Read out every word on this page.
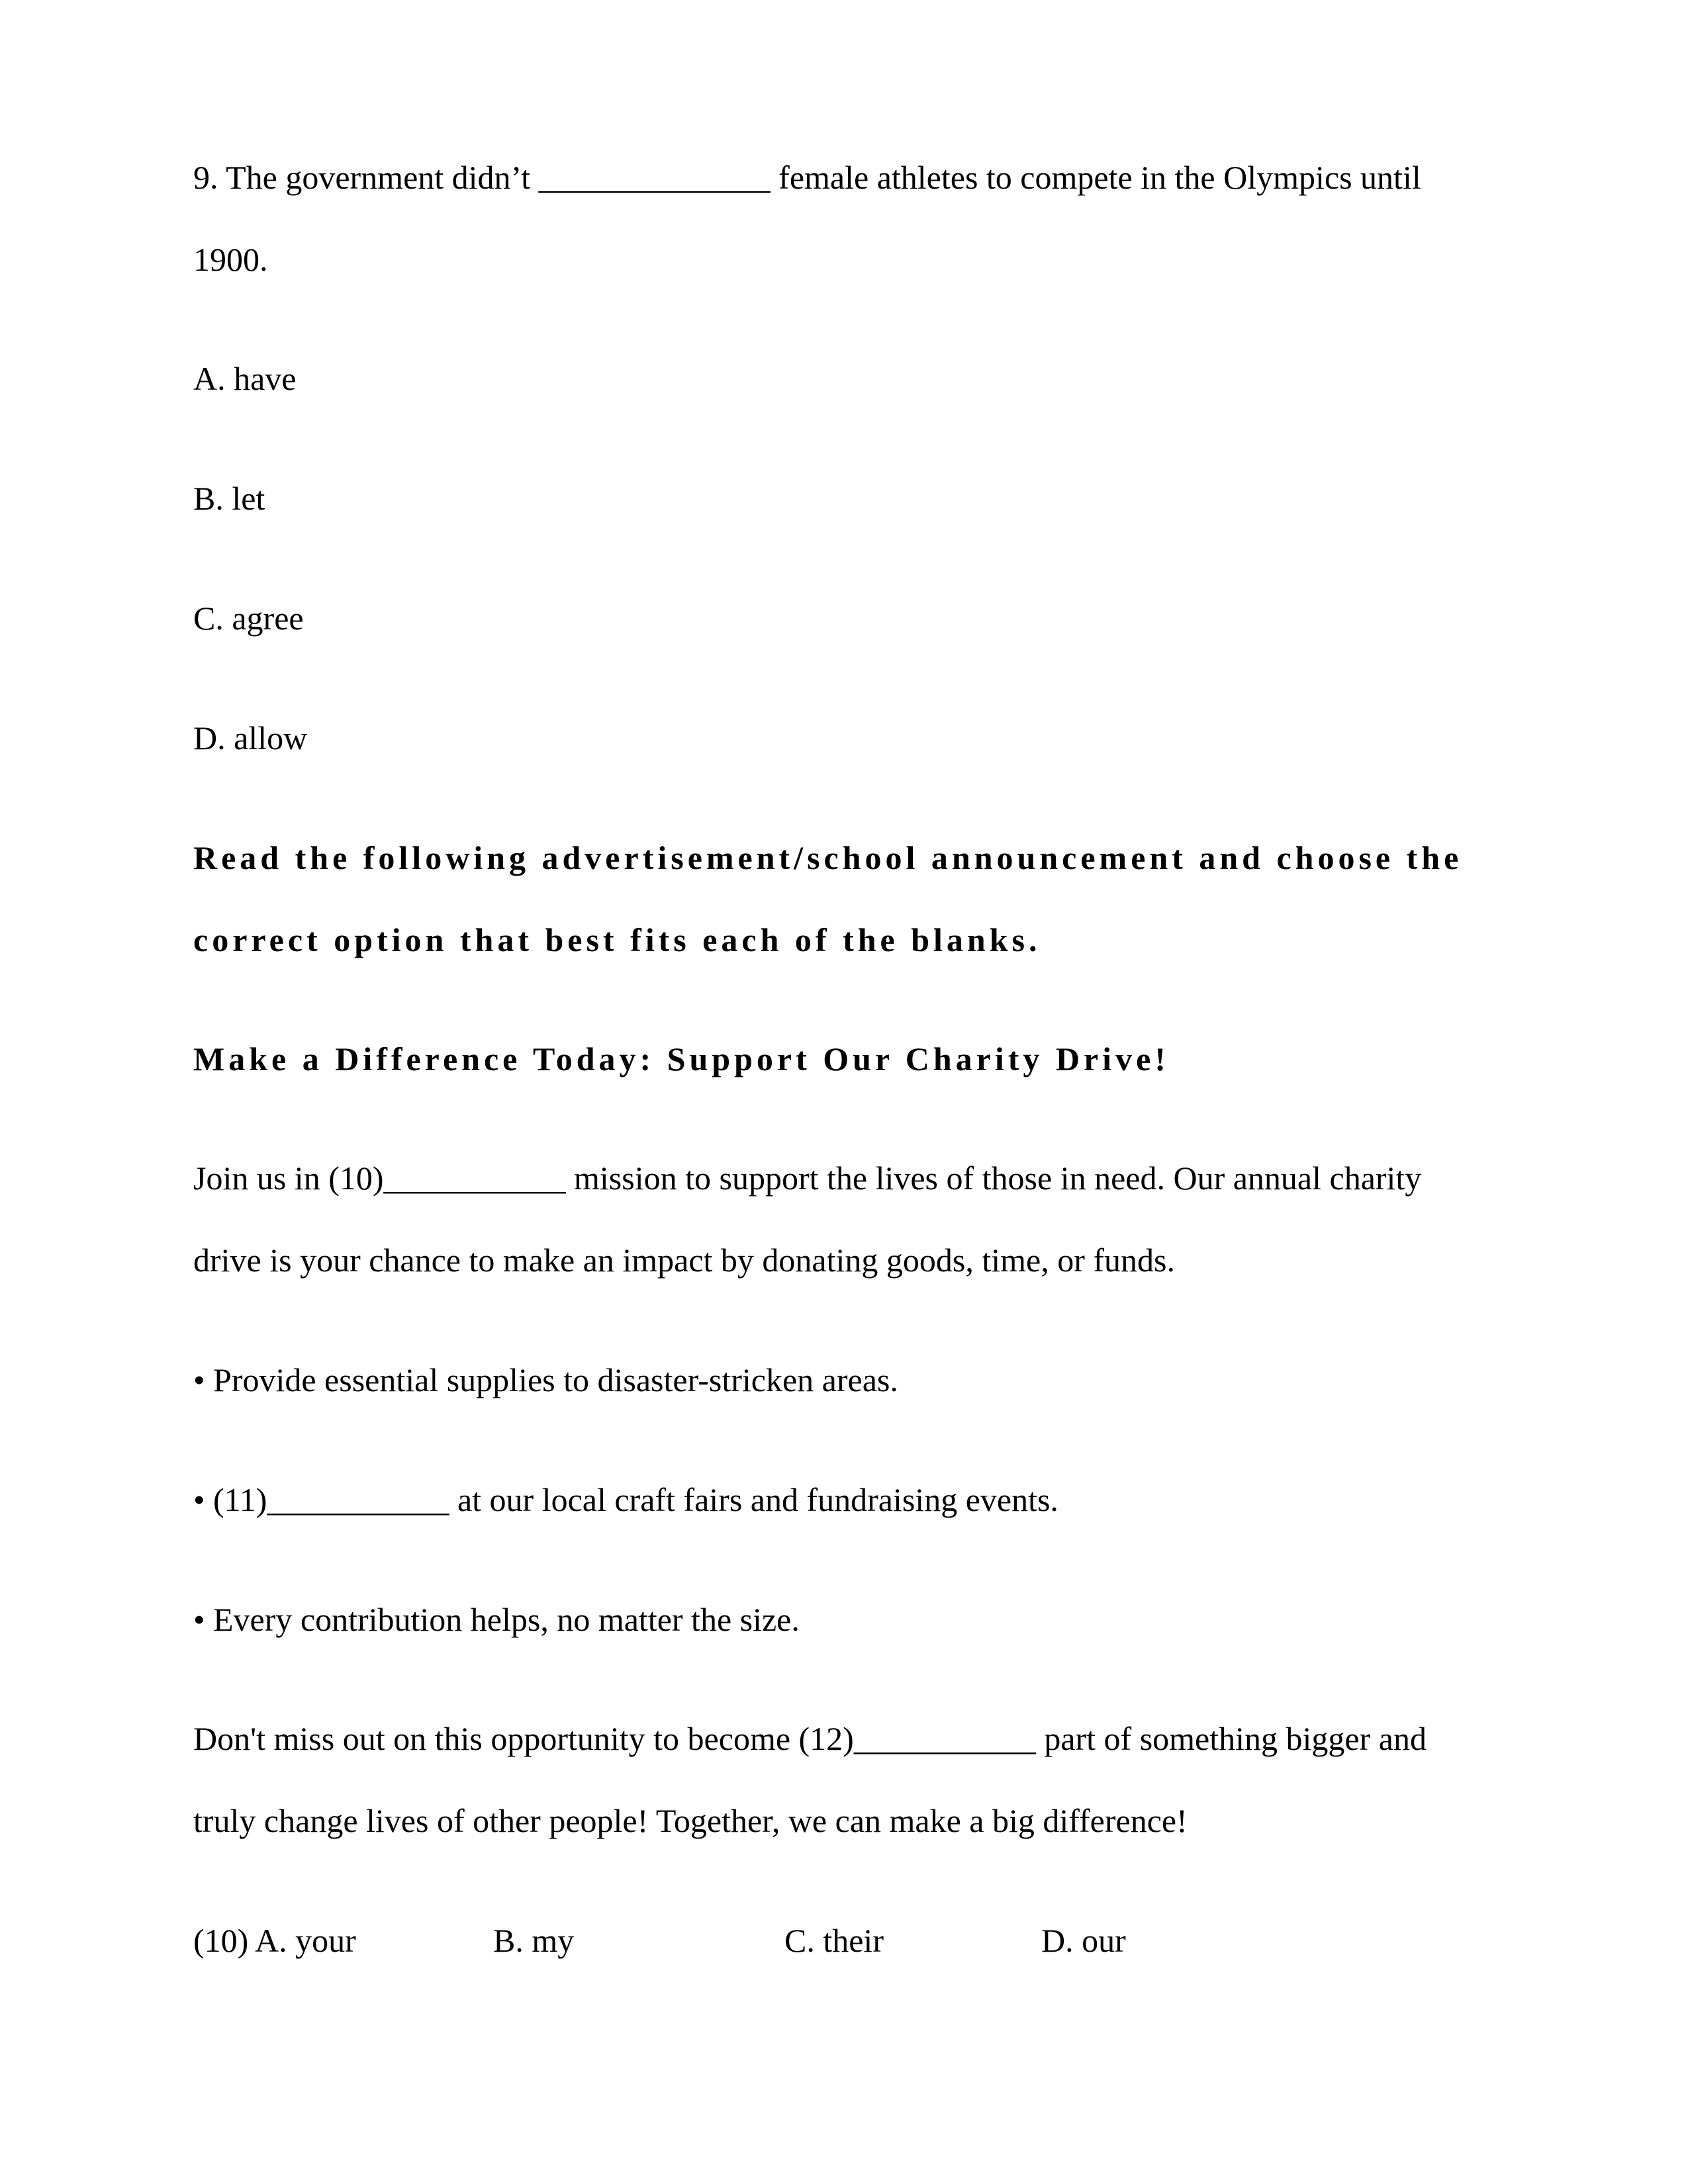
9. The government didn’t ______________ female athletes to compete in the Olympics until
1900.
A. have
B. let
C. agree
D. allow
Read the following advertisement/school announcement and choose the
correct option that best fits each of the blanks.
Make a Difference Today: Support Our Charity Drive!
Join us in (10)___________ mission to support the lives of those in need. Our annual charity
drive is your chance to make an impact by donating goods, time, or funds.
• Provide essential supplies to disaster-stricken areas.
• (11)___________ at our local craft fairs and fundraising events.
• Every contribution helps, no matter the size.
Don't miss out on this opportunity to become (12)___________ part of something bigger and
truly change lives of other people! Together, we can make a big difference!
(10) A. your	B. my	C. their	D. our
